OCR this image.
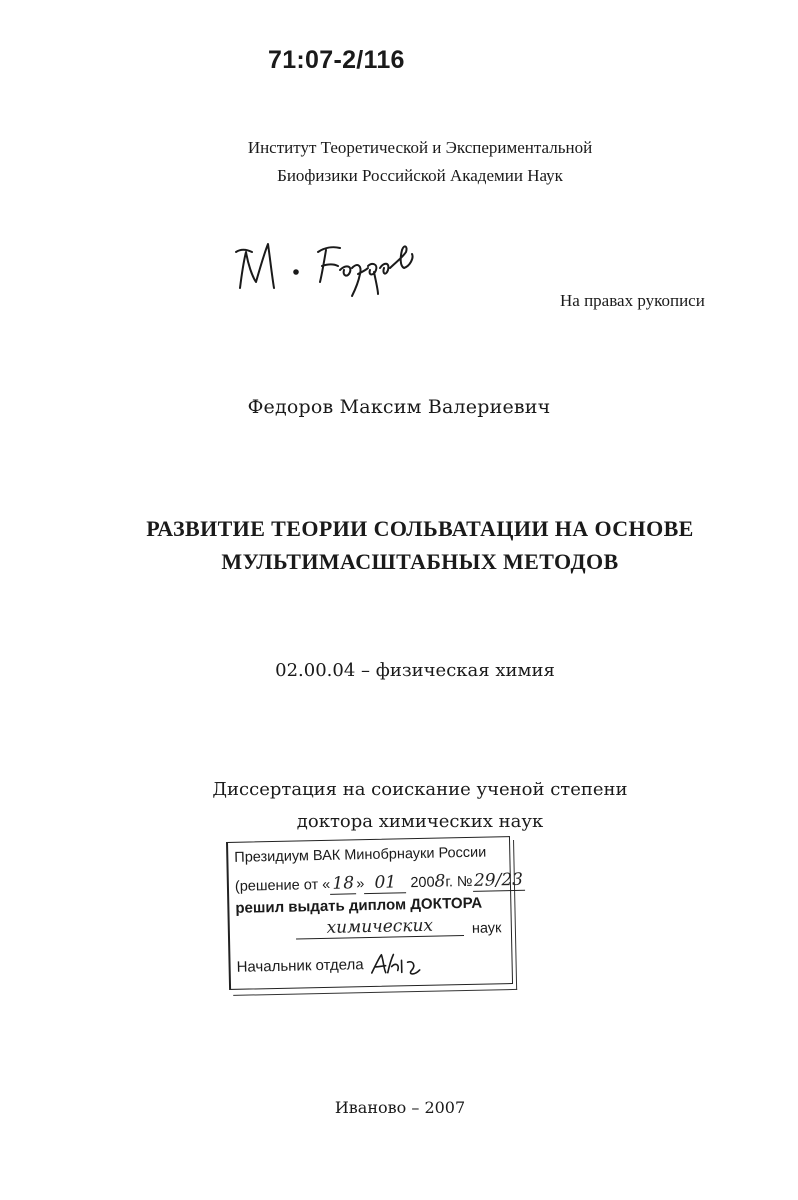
71:07-2/116
Институт Теоретической и Экспериментальной
Биофизики Российской Академии Наук
На правах рукописи
Федоров Максим Валериевич
РАЗВИТИЕ ТЕОРИИ СОЛЬВАТАЦИИ НА ОСНОВЕ
МУЛЬТИМАСШТАБНЫХ МЕТОДОВ
02.00.04 – физическая химия
Диссертация на соискание ученой степени
доктора химических наук
Президиум ВАК Минобрнауки России
(решение от « 18 » 01 2008г. №29/23
решил выдать диплом ДОКТОРА
химических	наук
Начальник отдела
Иваново – 2007
